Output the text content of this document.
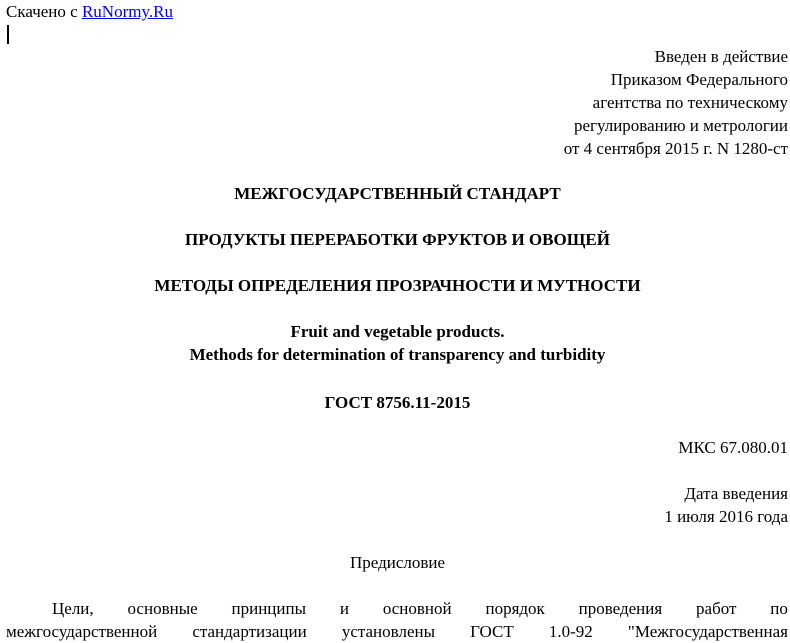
Скачено с RuNormy.Ru
Введен в действие
Приказом Федерального
агентства по техническому
регулированию и метрологии
от 4 сентября 2015 г. N 1280-ст
МЕЖГОСУДАРСТВЕННЫЙ СТАНДАРТ
ПРОДУКТЫ ПЕРЕРАБОТКИ ФРУКТОВ И ОВОЩЕЙ
МЕТОДЫ ОПРЕДЕЛЕНИЯ ПРОЗРАЧНОСТИ И МУТНОСТИ
Fruit and vegetable products.
Methods for determination of transparency and turbidity
ГОСТ 8756.11-2015
МКС 67.080.01
Дата введения
1 июля 2016 года
Предисловие
Цели, основные принципы и основной порядок проведения работ по
межгосударственной стандартизации установлены ГОСТ 1.0-92 "Межгосударственная
